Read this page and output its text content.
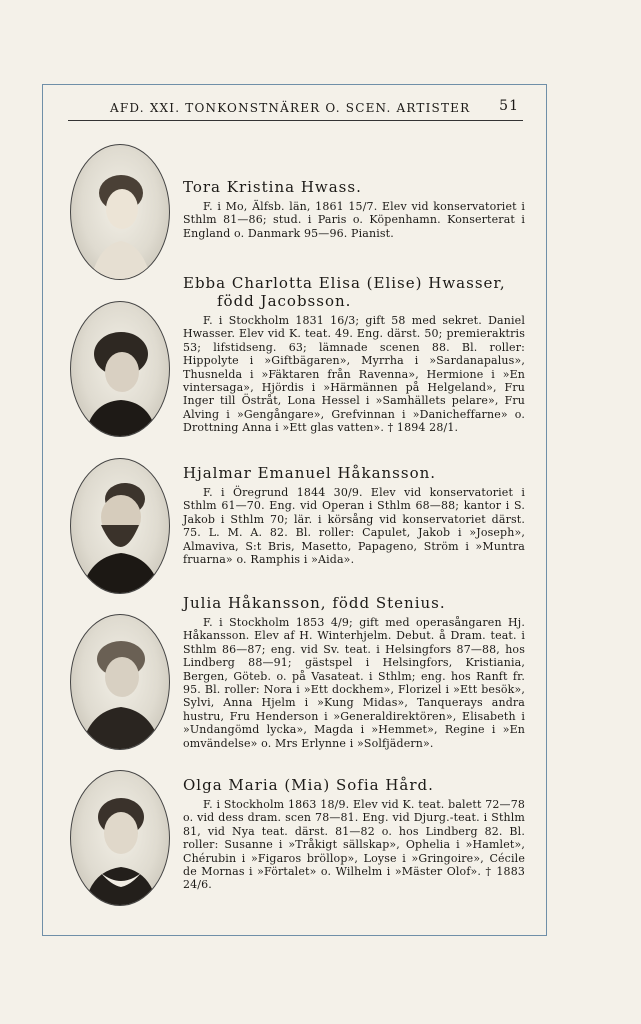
AFD. XXI. TONKONSTNÄRER O. SCEN. ARTISTER 51

Tora Kristina Hwass.

F. i Mo, Älfsb. län, 1861 15/7. Elev vid konservatoriet i Sthlm 81—86; stud. i Paris o. Köpenhamn. Konserterat i England o. Danmark 95—96. Pianist.

Ebba Charlotta Elisa (Elise) Hwasser, född Jacobsson.

F. i Stockholm 1831 16/3; gift 58 med sekret. Daniel Hwasser. Elev vid K. teat. 49. Eng. därst. 50; premieraktris 53; lifstidseng. 63; lämnade scenen 88. Bl. roller: Hippolyte i »Giftbägaren», Myrrha i »Sardanapalus», Thusnelda i »Fäktaren från Ravenna», Hermione i »En vintersaga», Hjördis i »Härmännen på Helgeland», Fru Inger till Östråt, Lona Hessel i »Samhällets pelare», Fru Alving i »Gengångare», Grefvinnan i »Danicheffarne» o. Drottning Anna i »Ett glas vatten». † 1894 28/1.

Hjalmar Emanuel Håkansson.

F. i Öregrund 1844 30/9. Elev vid konservatoriet i Sthlm 61—70. Eng. vid Operan i Sthlm 68—88; kantor i S. Jakob i Sthlm 70; lär. i körsång vid konservatoriet därst. 75. L. M. A. 82. Bl. roller: Capulet, Jakob i »Joseph», Almaviva, S:t Bris, Masetto, Papageno, Ström i »Muntra fruarna» o. Ramphis i »Aida».

Julia Håkansson, född Stenius.

F. i Stockholm 1853 4/9; gift med operasångaren Hj. Håkansson. Elev af H. Winterhjelm. Debut. å Dram. teat. i Sthlm 86—87; eng. vid Sv. teat. i Helsingfors 87—88, hos Lindberg 88—91; gästspel i Helsingfors, Kristiania, Bergen, Göteb. o. på Vasateat. i Sthlm; eng. hos Ranft fr. 95. Bl. roller: Nora i »Ett dockhem», Florizel i »Ett besök», Sylvi, Anna Hjelm i »Kung Midas», Tanquerays andra hustru, Fru Henderson i »Generaldirektören», Elisabeth i »Undangömd lycka», Magda i »Hemmet», Regine i »En omvändelse» o. Mrs Erlynne i »Solfjädern».

Olga Maria (Mia) Sofia Hård.

F. i Stockholm 1863 18/9. Elev vid K. teat. balett 72—78 o. vid dess dram. scen 78—81. Eng. vid Djurg.-teat. i Sthlm 81, vid Nya teat. därst. 81—82 o. hos Lindberg 82. Bl. roller: Susanne i »Tråkigt sällskap», Ophelia i »Hamlet», Chérubin i »Figaros bröllop», Loyse i »Gringoire», Cécile de Mornas i »Förtalet» o. Wilhelm i »Mäster Olof». † 1883 24/6.
